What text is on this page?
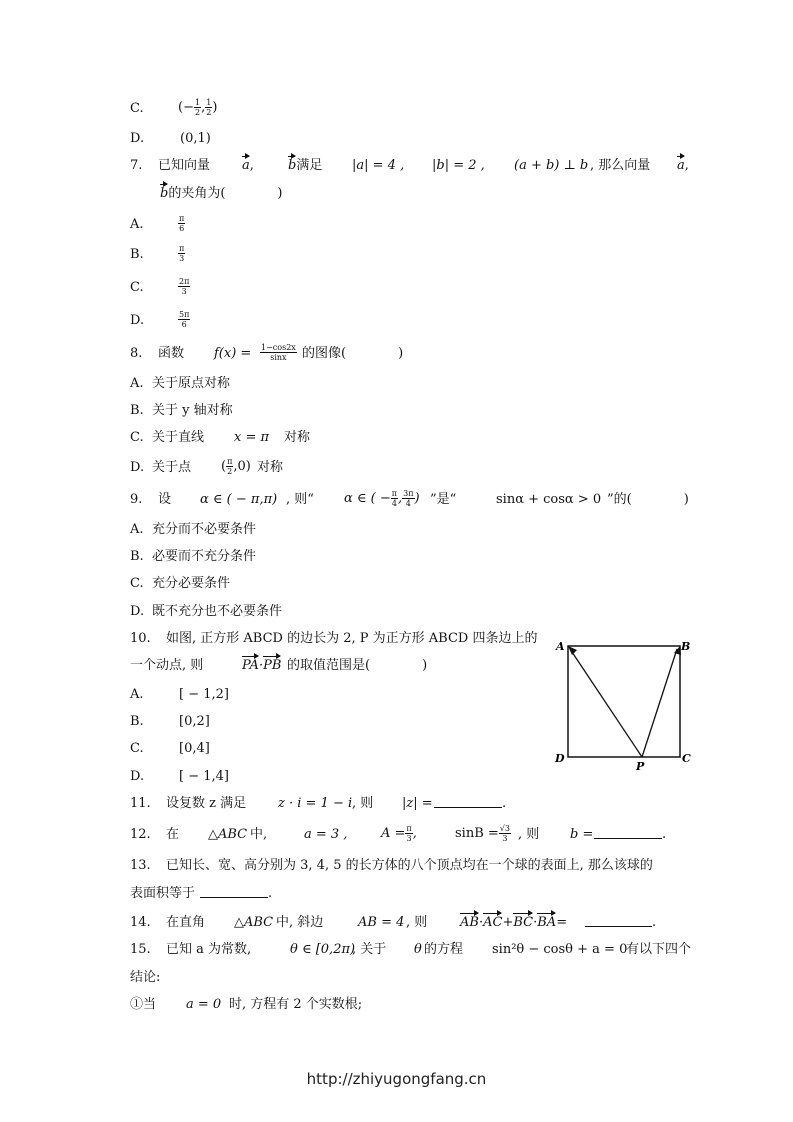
C.	(− $\frac{1}{2}$ , $\frac{1}{2}$ )
D.	(0,1)
7. 已知向量 a,	b满足 |a| = 4 , |b| = 2 , (a + b) ⊥ b , 那么向量 a,
b的夹角为(　　　　)
A.	$\frac{\pi}{6}$
B.	$\frac{\pi}{3}$
C.	$\frac{2\pi}{3}$
D.	$\frac{5\pi}{6}$
8. 函数 $f(x) = \frac{1-\cos 2x}{\sin x}$ 的图像(　　　　)
A. 关于原点对称
B. 关于 y 轴对称
C. 关于直线 x = π 对称
D. 关于点 ( $\frac{\pi}{2} ,0$) 对称
9. 设 α ∈ ( − π,π) , 则“ α ∈ ( − $\frac{\pi}{4}$ , $\frac{3\pi}{4}$ ) ”是“	sinα + cosα > 0 ”的(　　　　)
A. 充分而不必要条件
B. 必要而不充分条件
C. 充分必要条件
D. 既不充分也不必要条件
10. 如图, 正方形 ABCD 的边长为 2, P 为正方形 ABCD 四条边上的
一个动点, 则	PA·PB 的取值范围是(　　　　)
A.	[ − 1,2]
B.	[0,2]
C.	[0,4]
D.	[ − 1,4]
A	B
C
D
P
11. 设复数 z 满足 z · i = 1 − i , 则 |z| =	.
12. 在 △ABC 中,	a = 3 ,	$A = \frac{\pi}{3}$ ,	$\sin B = \frac{√3}{3}$ , 则 b =	.
13. 已知长、宽、高分别为 3, 4, 5 的长方体的八个顶点均在一个球的表面上, 那么该球的
表面积等于	.
14. 在直角 △ABC 中, 斜边	AB = 4 , 则	AB·AC+BC·BA=	.
15. 已知 a 为常数,	θ ∈ [0,2π)
, 关于 θ 的方程 sin²θ − cosθ + a = 0
有以下四个
结论:
①当 a = 0 时, 方程有 2 个实数根;
http://zhiyugongfang.cn
